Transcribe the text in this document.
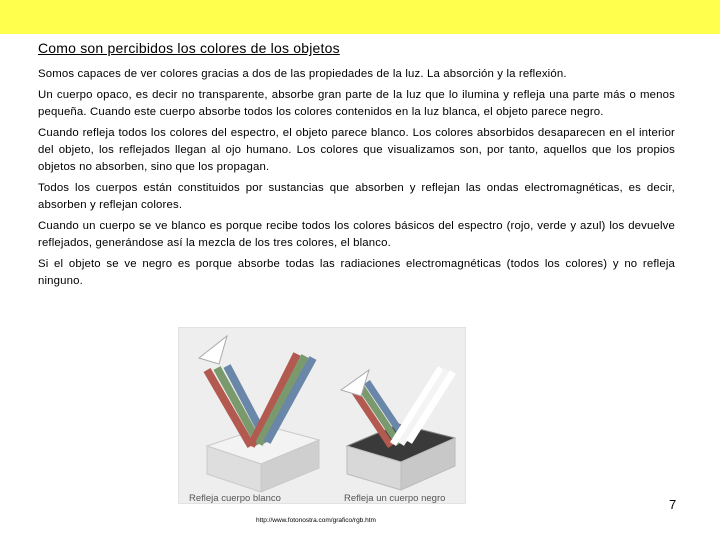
Como son percibidos los colores de los objetos

Somos capaces de ver colores gracias a dos de las propiedades de la luz. La absorción y la reflexión.

Un cuerpo opaco, es decir no transparente, absorbe gran parte de la luz que lo ilumina y refleja una parte más o menos pequeña. Cuando este cuerpo absorbe todos los colores contenidos en la luz blanca, el objeto parece negro.

Cuando refleja todos los colores del espectro, el objeto parece blanco. Los colores absorbidos desaparecen en el interior del objeto, los reflejados llegan al ojo humano. Los colores que visualizamos son, por tanto, aquellos que los propios objetos no absorben, sino que los propagan.

Todos los cuerpos están constituidos por sustancias que absorben y reflejan las ondas electromagnéticas, es decir, absorben y reflejan colores.

Cuando un cuerpo se ve blanco es porque recibe todos los colores básicos del espectro (rojo, verde y azul) los devuelve reflejados, generándose así la mezcla de los tres colores, el blanco.

Si el objeto se ve negro es porque absorbe todas las radiaciones electromagnéticas (todos los colores) y no refleja ninguno.

Refleja cuerpo blanco	Refleja un cuerpo negro	7
http://www.fotonostra.com/grafico/rgb.htm
